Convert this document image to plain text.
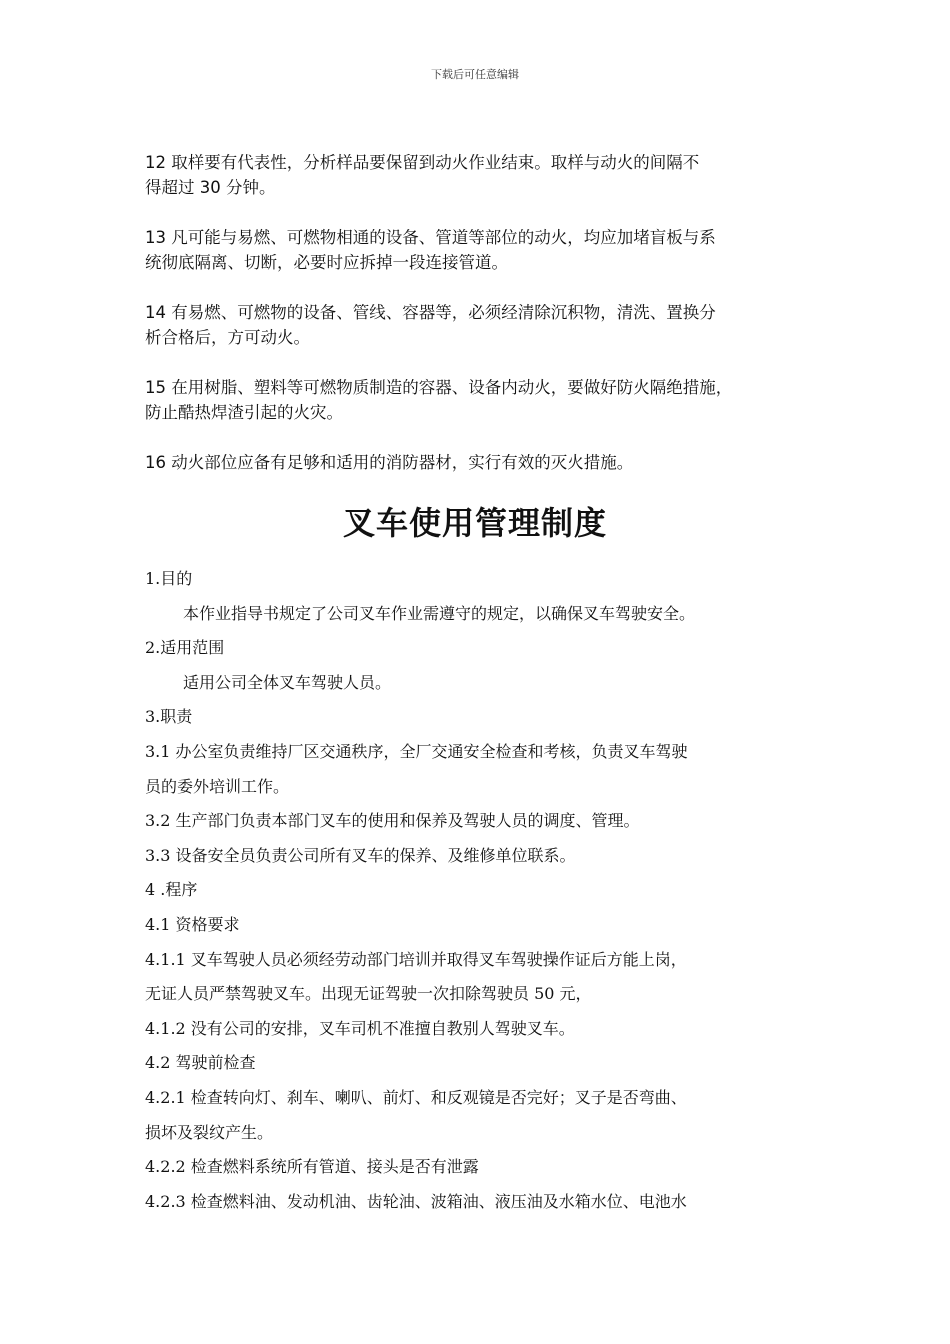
下载后可任意编辑

12 取样要有代表性，分析样品要保留到动火作业结束。取样与动火的间隔不
得超过 30 分钟。

13 凡可能与易燃、可燃物相通的设备、管道等部位的动火，均应加堵盲板与系
统彻底隔离、切断，必要时应拆掉一段连接管道。

14 有易燃、可燃物的设备、管线、容器等，必须经清除沉积物，清洗、置换分
析合格后，方可动火。

15 在用树脂、塑料等可燃物质制造的容器、设备内动火，要做好防火隔绝措施，
防止酷热焊渣引起的火灾。

16 动火部位应备有足够和适用的消防器材，实行有效的灭火措施。

叉车使用管理制度
1.目的
本作业指导书规定了公司叉车作业需遵守的规定，以确保叉车驾驶安全。
2.适用范围
适用公司全体叉车驾驶人员。
3.职责
3.1 办公室负责维持厂区交通秩序，全厂交通安全检查和考核，负责叉车驾驶
员的委外培训工作。
3.2 生产部门负责本部门叉车的使用和保养及驾驶人员的调度、管理。
3.3 设备安全员负责公司所有叉车的保养、及维修单位联系。
4 .程序
4.1 资格要求
4.1.1 叉车驾驶人员必须经劳动部门培训并取得叉车驾驶操作证后方能上岗，
无证人员严禁驾驶叉车。出现无证驾驶一次扣除驾驶员 50 元，
4.1.2 没有公司的安排，叉车司机不准擅自教别人驾驶叉车。
4.2 驾驶前检查
4.2.1 检查转向灯、刹车、喇叭、前灯、和反观镜是否完好；叉子是否弯曲、
损坏及裂纹产生。
4.2.2 检查燃料系统所有管道、接头是否有泄露
4.2.3 检查燃料油、发动机油、齿轮油、波箱油、液压油及水箱水位、电池水
